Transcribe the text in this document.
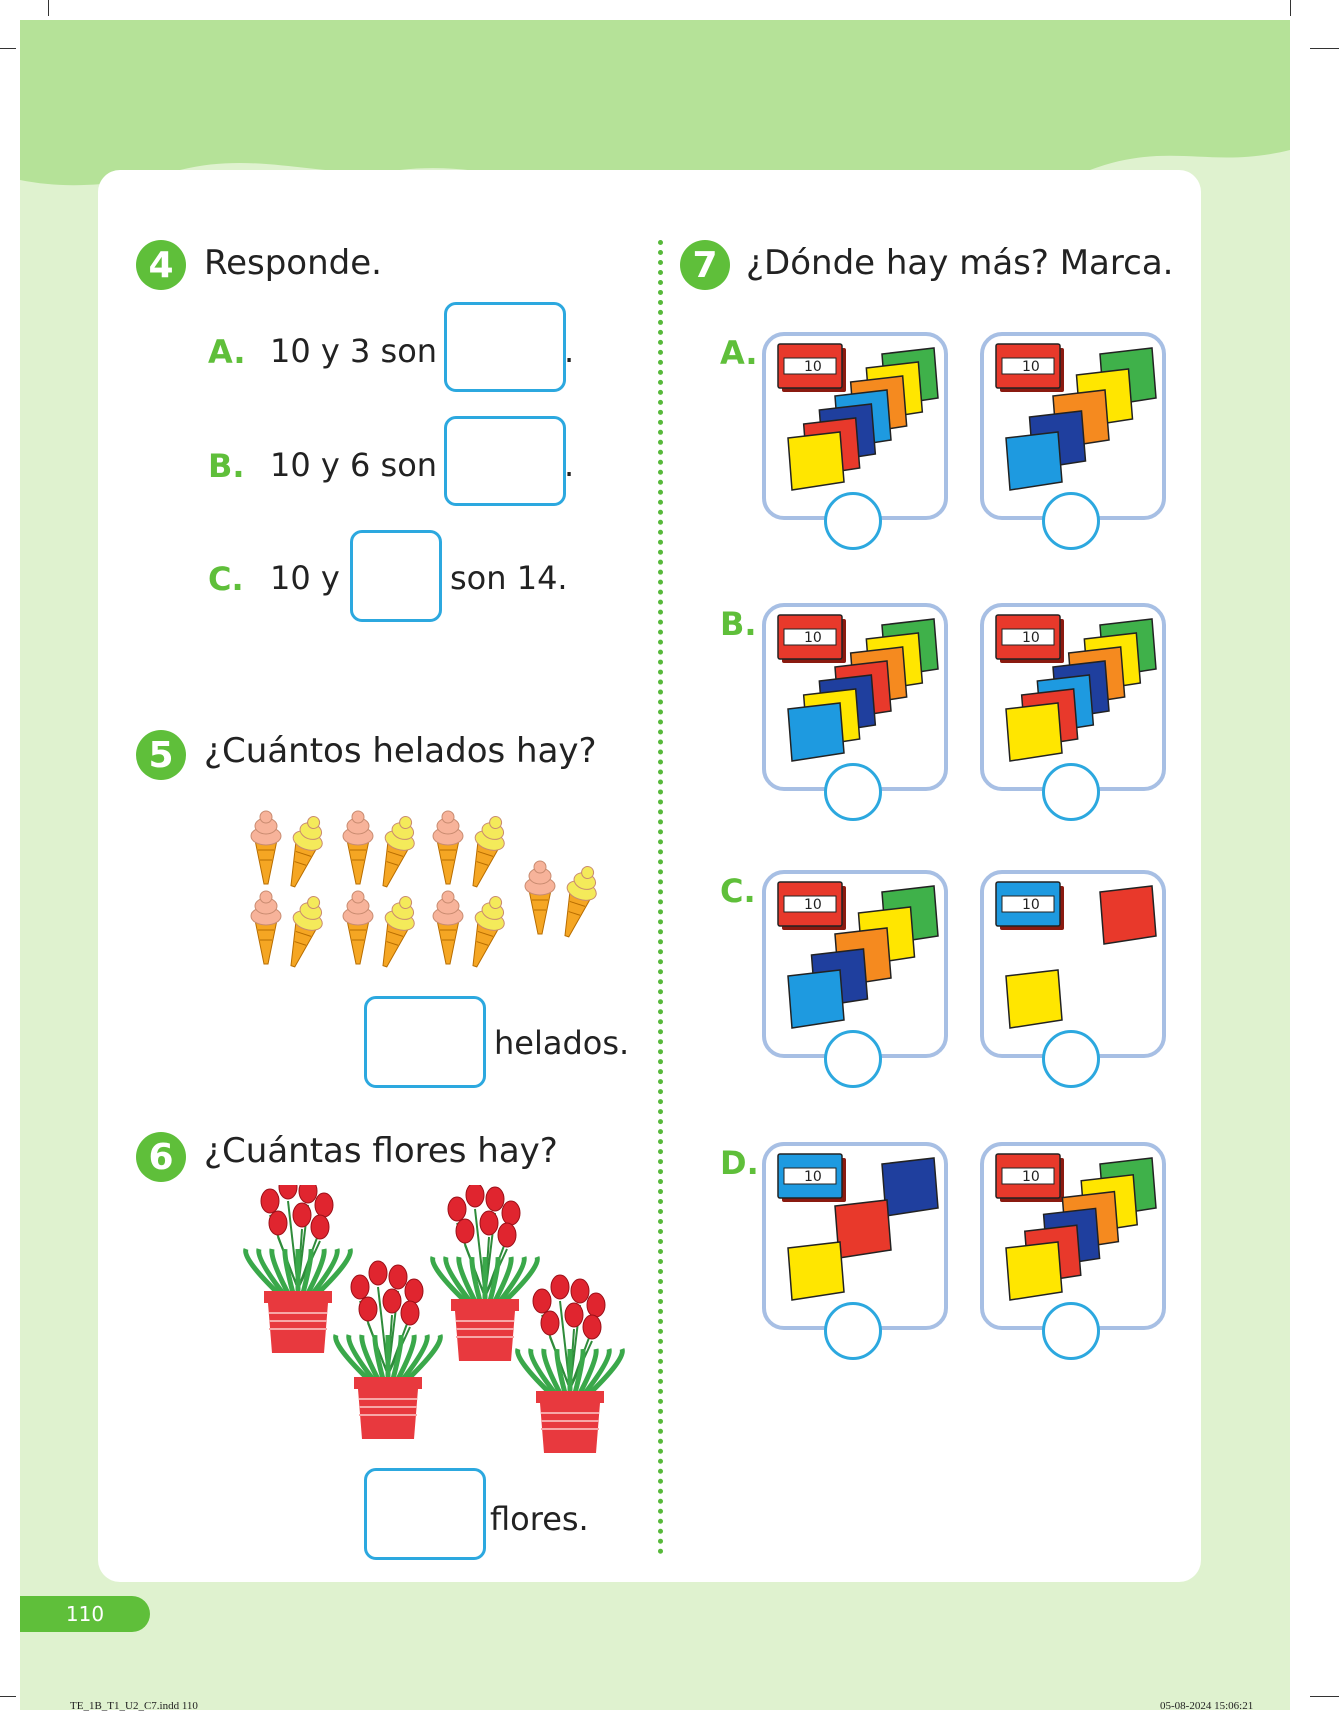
4 Responde.
A. 10 y 3 son	.
B. 10 y 6 son	.
C. 10 y	son 14.
5 ¿Cuántos helados hay?
helados.
6 ¿Cuántas flores hay?
flores.
7 ¿Dónde hay más? Marca.
A.	10	10
B.	10	10
C.	10	10
D.	10	10
110
TE_1B_T1_U2_C7.indd 110	05-08-2024 15:06:21
